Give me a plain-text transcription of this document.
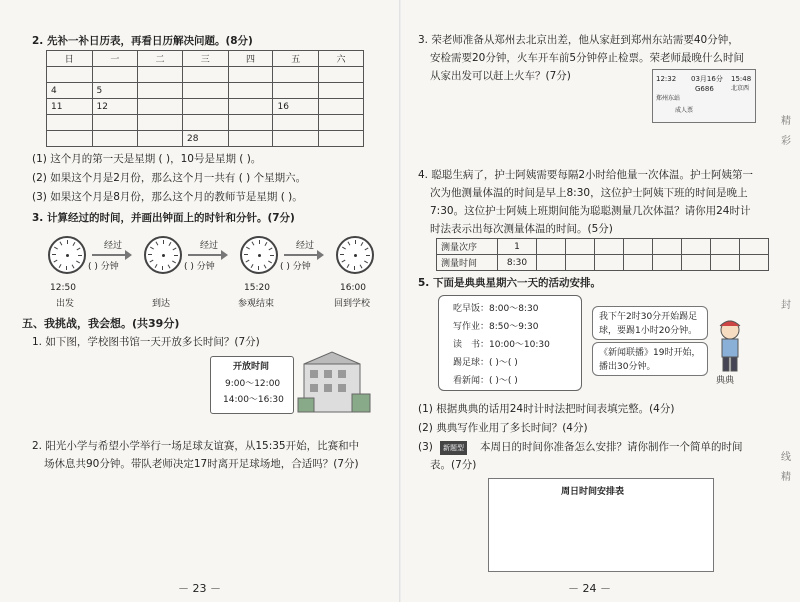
2. 先补一补日历表，再看日历解决问题。(8分)
日	一	二	三	四	五	六

4	5					
11	12				16	

			28			
(1) 这个月的第一天是星期 ( )，10号是星期 ( )。
(2) 如果这个月是2月份，那么这个月一共有 ( ) 个星期六。
(3) 如果这个月是8月份，那么这个月的教师节是星期 ( )。
3. 计算经过的时间，并画出钟面上的时针和分针。(7分)
经过	经过	经过
( ) 分钟	( ) 分钟	( ) 分钟
12:50	15:20	16:00
出发	到达	参观结束	回到学校
五、我挑战，我会想。(共39分)
1. 如下图，学校图书馆一天开放多长时间？(7分)
开放时间
9:00～12:00
14:00～16:30
2. 阳光小学与希望小学举行一场足球友谊赛，从15:35开始，比赛和中
场休息共90分钟。带队老师决定17时离开足球场地，合适吗？(7分)
－ 23 －
3. 荣老师准备从郑州去北京出差，他从家赶到郑州东站需要40分钟，
安检需要20分钟，火车开车前5分钟停止检票。荣老师最晚什么时间
从家出发可以赶上火车？(7分)	12:32 03月16分 15:48
G686	北京西
郑州东站
成人票
4. 聪聪生病了，护士阿姨需要每隔2小时给他量一次体温。护士阿姨第一
次为他测量体温的时间是早上8:30，这位护士阿姨下班的时间是晚上
7:30。这位护士阿姨上班期间能为聪聪测量几次体温？请你用24时计
时法表示出每次测量体温的时间。(5分)
测量次序	1								
测量时间	8:30								
5. 下面是典典星期六一天的活动安排。
吃早饭：8:00～8:30
写作业：8:50～9:30
读　书：10:00～10:30
踢足球：( )～( )
看新闻：( )～( )
我下午2时30分开始踢足
球，要踢1小时20分钟。
《新闻联播》19时开始，
播出30分钟。
典典
(1) 根据典典的话用24时计时法把时间表填完整。(4分)
(2) 典典写作业用了多长时间？(4分)
(3)	新题型 本周日的时间你准备怎么安排？请你制作一个简单的时间
表。(7分)
周日时间安排表
精
彩
封
线
精
－ 24 －
